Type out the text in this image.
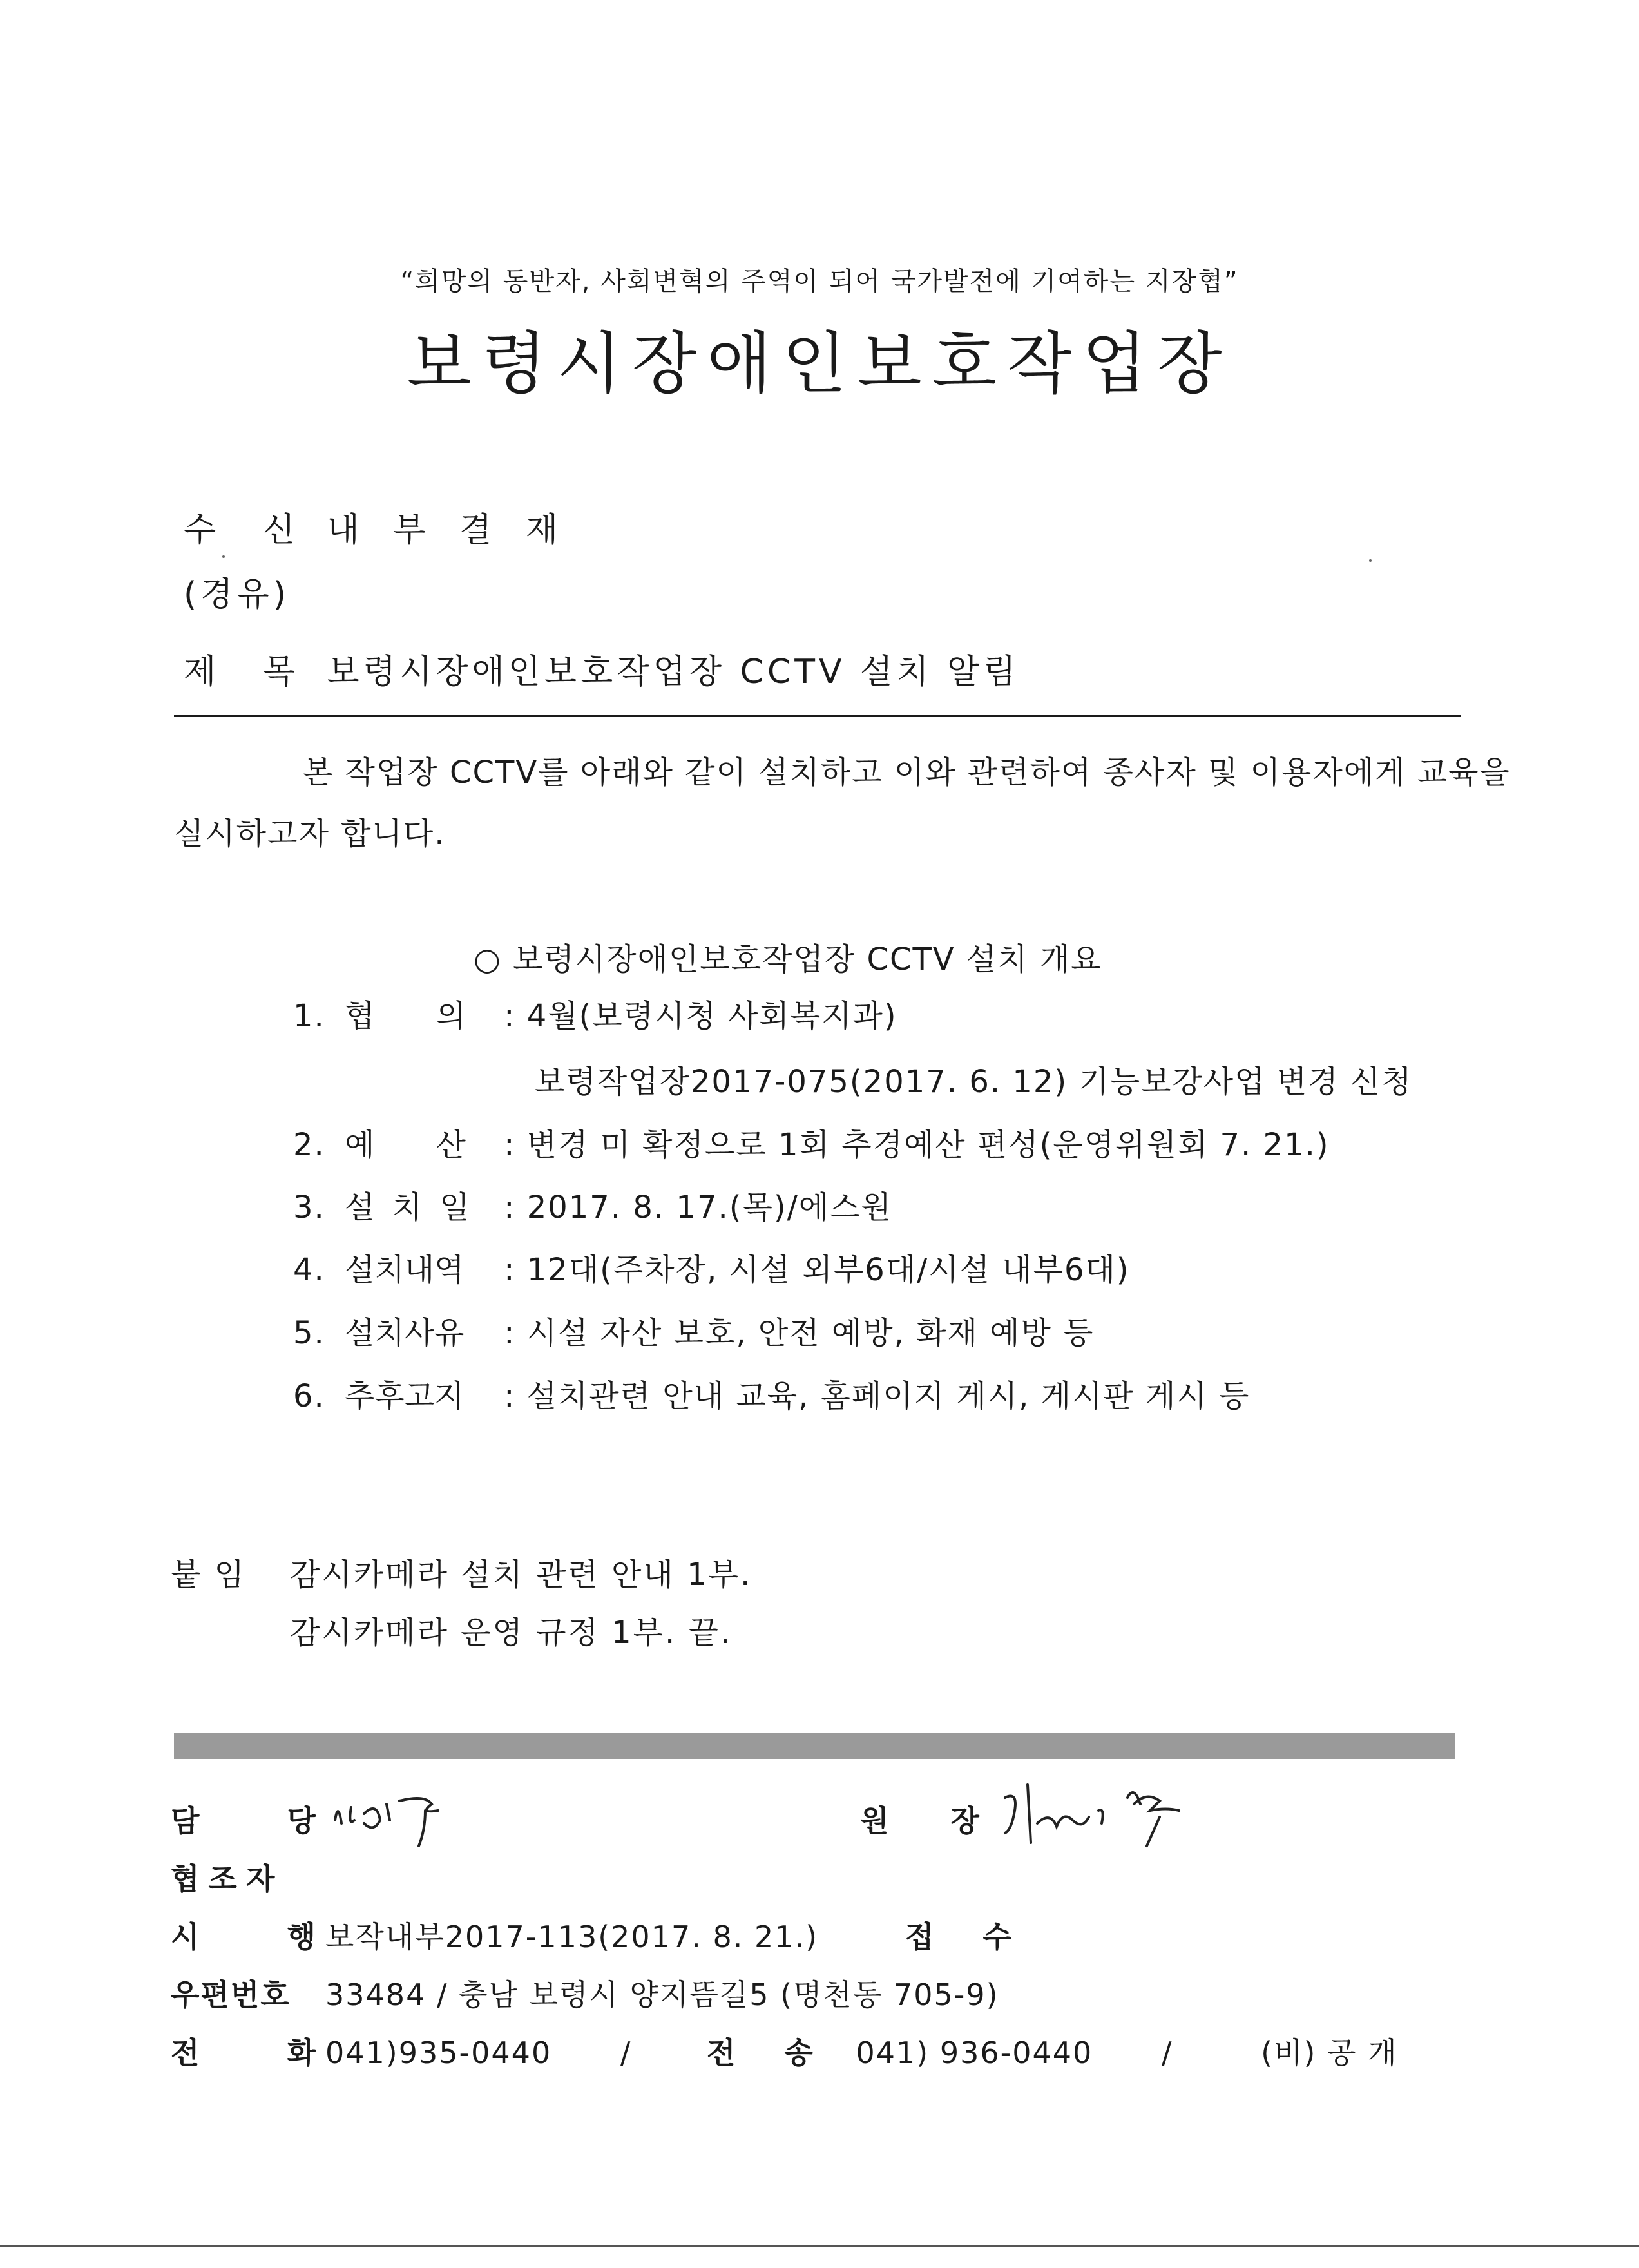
“희망의 동반자, 사회변혁의 주역이 되어 국가발전에 기여하는 지장협”
보령시장애인보호작업장
수 신 내 부 결 재
(경유)
제 목 보령시장애인보호작업장 CCTV 설치 알림
본 작업장 CCTV를 아래와 같이 설치하고 이와 관련하여 종사자 및 이용자에게 교육을
실시하고자 합니다.
○ 보령시장애인보호작업장 CCTV 설치 개요
1. 협 의 : 4월(보령시청 사회복지과)
보령작업장2017-075(2017. 6. 12) 기능보강사업 변경 신청
2. 예 산 : 변경 미 확정으로 1회 추경예산 편성(운영위원회 7. 21.)
3. 설 치 일 : 2017. 8. 17.(목)/에스원
4. 설치내역 : 12대(주차장, 시설 외부6대/시설 내부6대)
5. 설치사유 : 시설 자산 보호, 안전 예방, 화재 예방 등
6. 추후고지 : 설치관련 안내 교육, 홈페이지 게시, 게시판 게시 등
붙 임 감시카메라 설치 관련 안내 1부.
감시카메라 운영 규정 1부. 끝.
담 당	원 장
협조자
시 행보작내부2017-113(2017. 8. 21.)	접 수
우편번호 33484 / 충남 보령시 양지뜸길5 (명천동 705-9)
전 화041)935-0440 /	전 송 041) 936-0440 /	(비) 공 개
